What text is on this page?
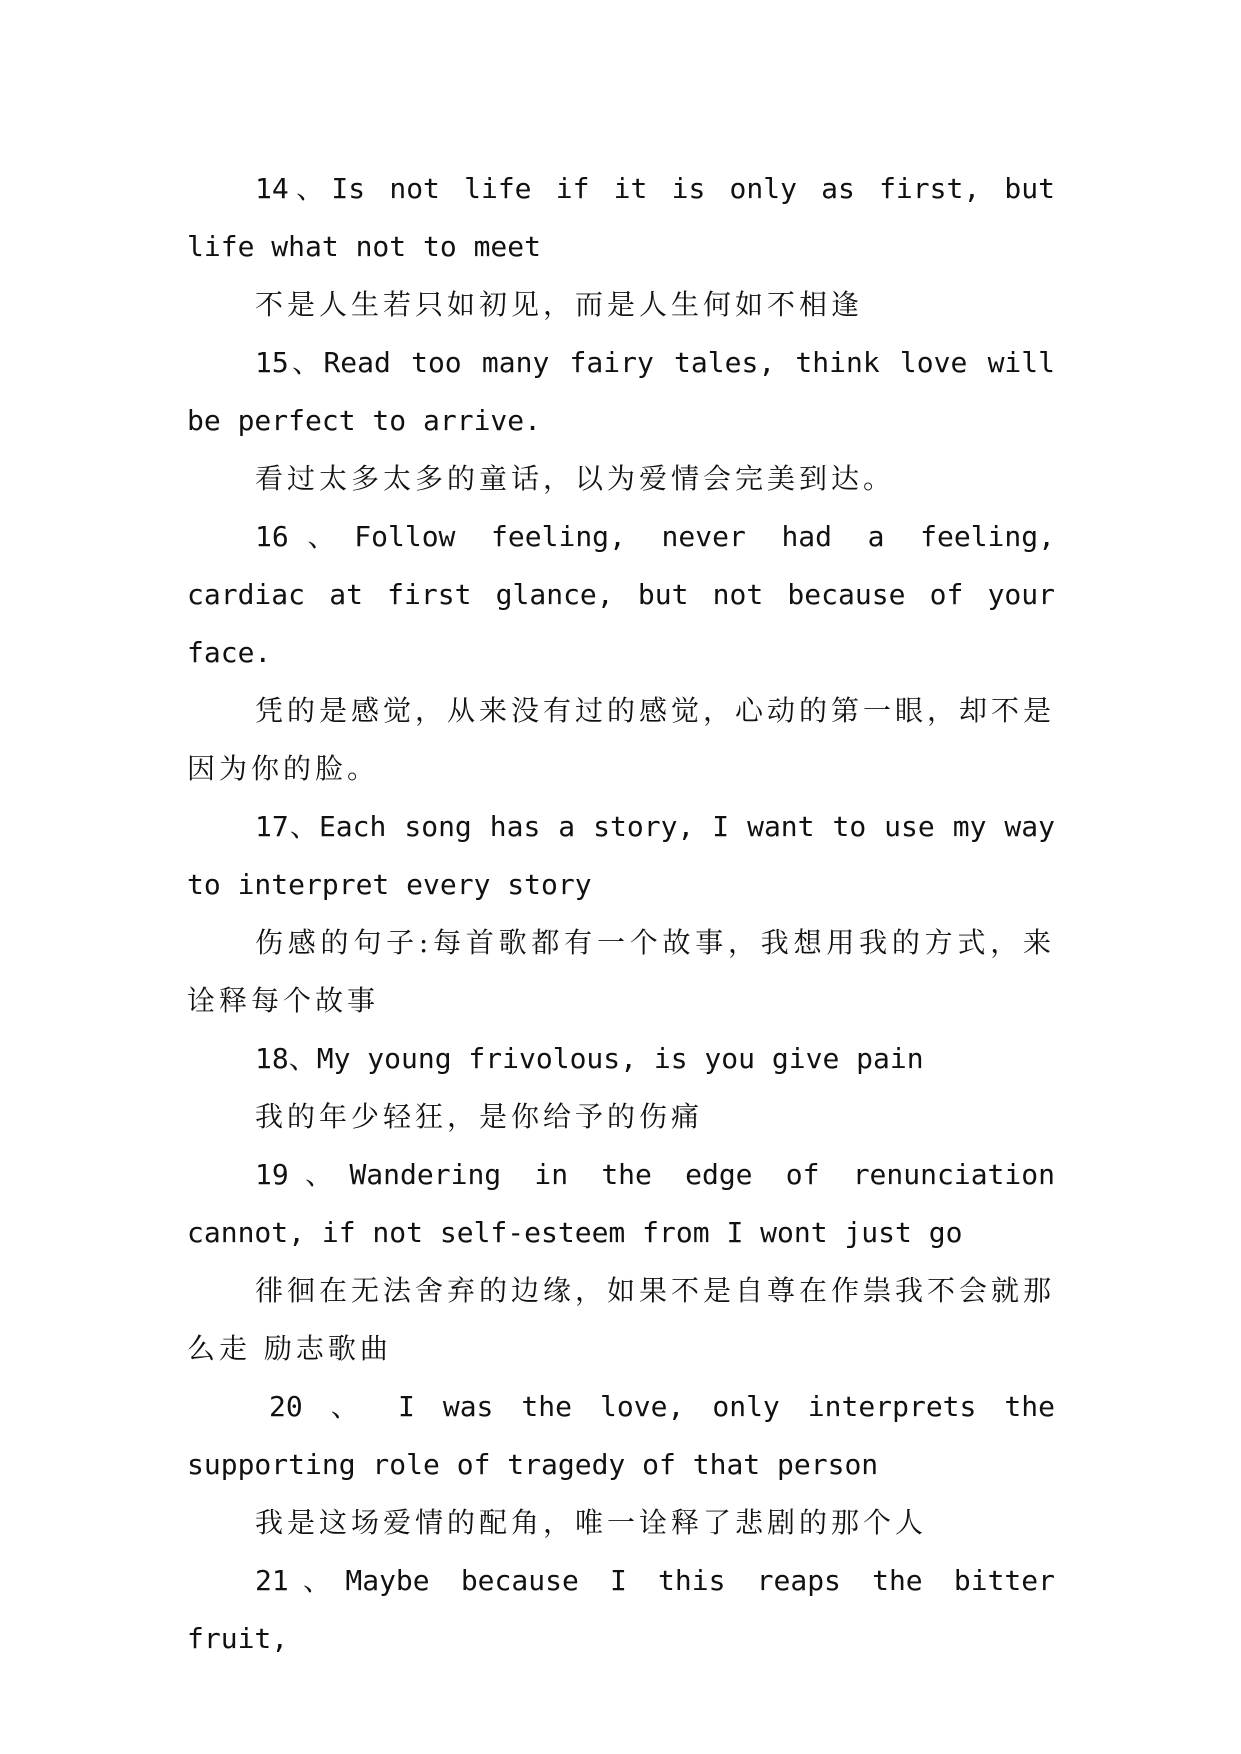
14、Is not life if it is only as first, but life what not to meet

不是人生若只如初见，而是人生何如不相逢

15、Read too many fairy tales, think love will be perfect to arrive.

看过太多太多的童话，以为爱情会完美到达。

16、Follow feeling, never had a feeling, cardiac at first glance, but not because of your face.

凭的是感觉，从来没有过的感觉，心动的第一眼，却不是因为你的脸。

17、Each song has a story, I want to use my way to interpret every story

伤感的句子:每首歌都有一个故事，我想用我的方式，来诠释每个故事

18、My young frivolous, is you give pain

我的年少轻狂，是你给予的伤痛

19、Wandering in the edge of renunciation cannot, if not self-esteem from I wont just go

徘徊在无法舍弃的边缘，如果不是自尊在作祟我不会就那么走 励志歌曲

20 、 I was the love, only interprets the supporting role of tragedy of that person

我是这场爱情的配角，唯一诠释了悲剧的那个人

21、Maybe because I this reaps the bitter fruit,
